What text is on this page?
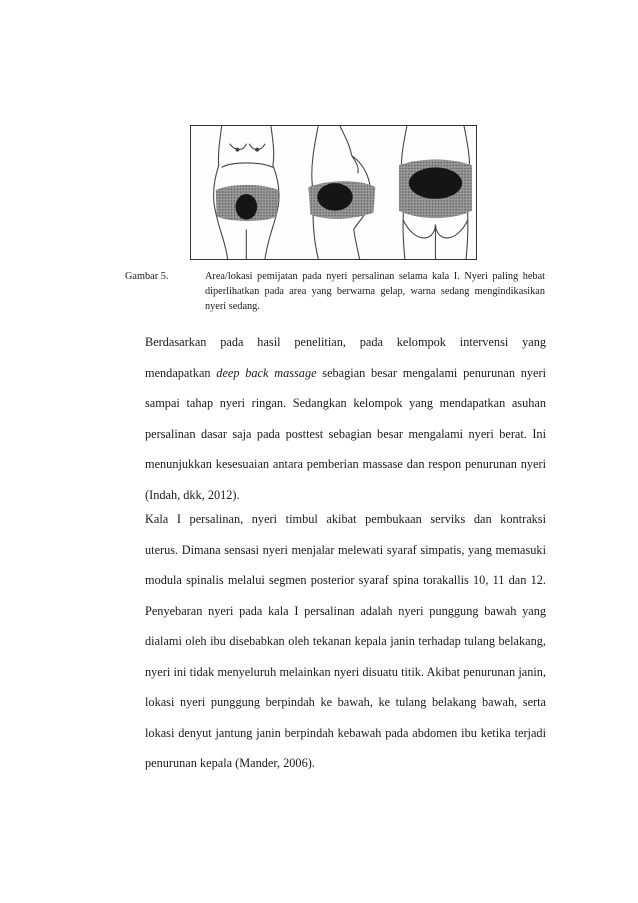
Gambar 5.	Area/lokasi pemijatan pada nyeri persalinan selama kala I. Nyeri paling hebat diperlihatkan pada area yang berwarna gelap, warna sedang mengindikasikan nyeri sedang.
Berdasarkan pada hasil penelitian, pada kelompok intervensi yang
mendapatkan deep back massage sebagian besar mengalami penurunan nyeri
sampai tahap nyeri ringan. Sedangkan kelompok yang mendapatkan asuhan
persalinan dasar saja pada posttest sebagian besar mengalami nyeri berat. Ini
menunjukkan kesesuaian antara pemberian massase dan respon penurunan nyeri
(Indah, dkk, 2012).
Kala I persalinan, nyeri timbul akibat pembukaan serviks dan kontraksi
uterus. Dimana sensasi nyeri menjalar melewati syaraf simpatis, yang memasuki
modula spinalis melalui segmen posterior syaraf spina torakallis 10, 11 dan 12.
Penyebaran nyeri pada kala I persalinan adalah nyeri punggung bawah yang
dialami oleh ibu disebabkan oleh tekanan kepala janin terhadap tulang belakang,
nyeri ini tidak menyeluruh melainkan nyeri disuatu titik. Akibat penurunan janin,
lokasi nyeri punggung berpindah ke bawah, ke tulang belakang bawah, serta
lokasi denyut jantung janin berpindah kebawah pada abdomen ibu ketika terjadi
penurunan kepala (Mander, 2006).
